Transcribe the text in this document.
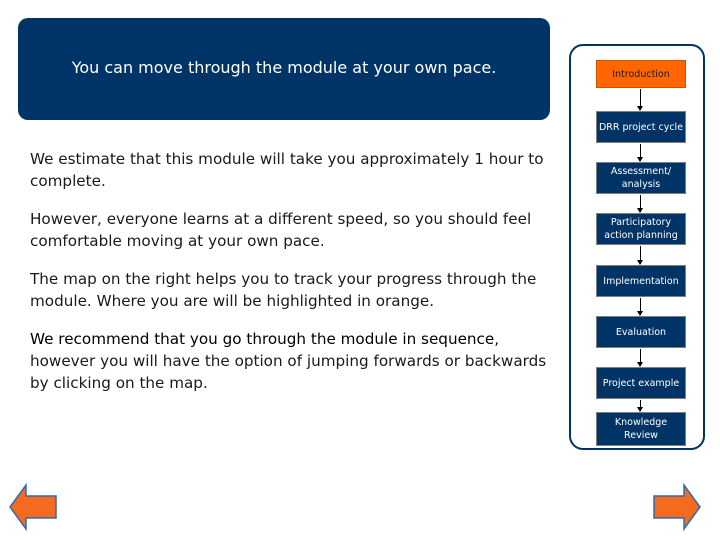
You can move through the module at your own pace.

We estimate that this module will take you approximately 1 hour to complete.

However, everyone learns at a different speed, so you should feel comfortable moving at your own pace.

The map on the right helps you to track your progress through the module. Where you are will be highlighted in orange.

We recommend that you go through the module in sequence, however you will have the option of jumping forwards or backwards by clicking on the map.

Introduction
DRR project cycle
Assessment/ analysis
Participatory action planning
Implementation
Evaluation
Project example
Knowledge Review
